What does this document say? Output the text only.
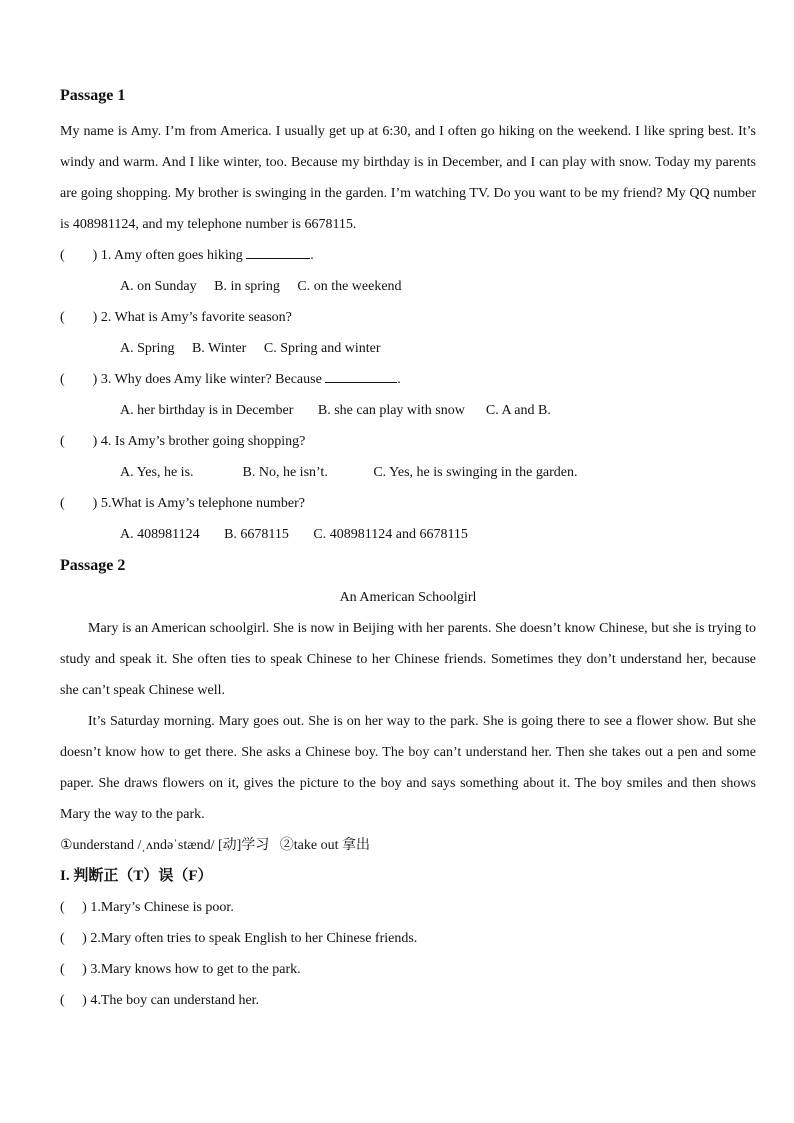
Passage 1

My name is Amy. I’m from America. I usually get up at 6:30, and I often go hiking on the weekend. I like spring best. It’s windy and warm. And I like winter, too. Because my birthday is in December, and I can play with snow. Today my parents are going shopping. My brother is swinging in the garden. I’m watching TV. Do you want to be my friend? My QQ number is 408981124, and my telephone number is 6678115.

(        ) 1. Amy often goes hiking	.

A. on Sunday B. in spring C. on the weekend

(        ) 2. What is Amy’s favorite season?

A. Spring B. Winter C. Spring and winter

(        ) 3. Why does Amy like winter? Because	.

A. her birthday is in December B. she can play with snow C. A and B.

(        ) 4. Is Amy’s brother going shopping?

A. Yes, he is.	B. No, he isn’t.	C. Yes, he is swinging in the garden.

(        ) 5.What is Amy’s telephone number?

A. 408981124 B. 6678115 C. 408981124 and 6678115

Passage 2

An American Schoolgirl

Mary is an American schoolgirl. She is now in Beijing with her parents. She doesn’t know Chinese, but she is trying to study and speak it. She often ties to speak Chinese to her Chinese friends. Sometimes they don’t understand her, because she can’t speak Chinese well.

It’s Saturday morning. Mary goes out. She is on her way to the park. She is going there to see a flower show. But she doesn’t know how to get there. She asks a Chinese boy. The boy can’t understand her. Then she takes out a pen and some paper. She draws flowers on it, gives the picture to the boy and says something about it. The boy smiles and then shows Mary the way to the park.

①understand /ˌʌndəˈstænd/ [动]学习   ②take out 拿出

I. 判断正（T）误（F）

(     ) 1.Mary’s Chinese is poor.

(     ) 2.Mary often tries to speak English to her Chinese friends.

(     ) 3.Mary knows how to get to the park.

(     ) 4.The boy can understand her.
